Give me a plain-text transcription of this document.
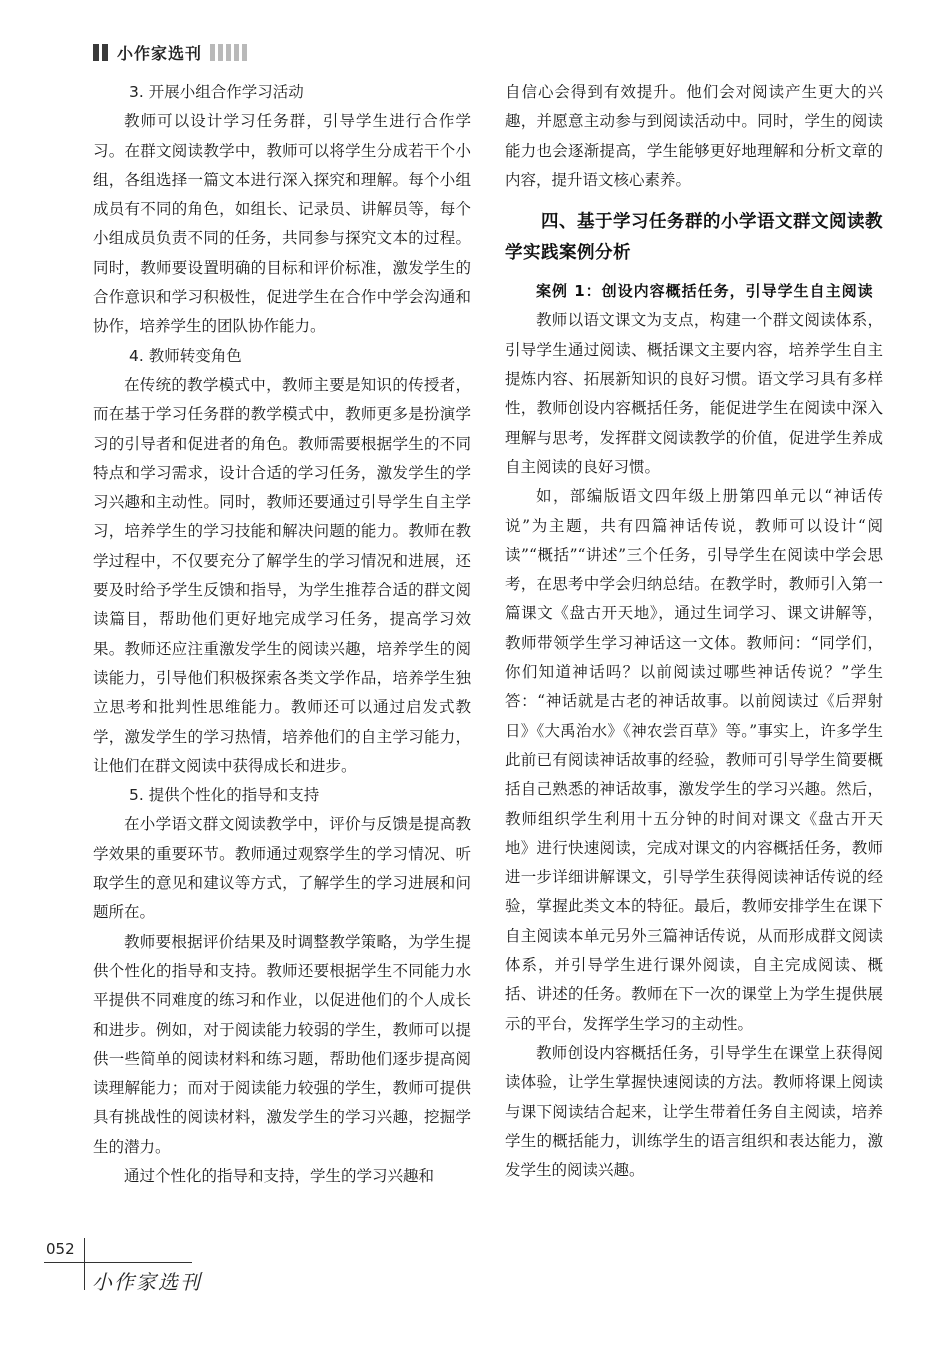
小作家选刊

3. 开展小组合作学习活动

教师可以设计学习任务群，引导学生进行合作学习。在群文阅读教学中，教师可以将学生分成若干个小组，各组选择一篇文本进行深入探究和理解。每个小组成员有不同的角色，如组长、记录员、讲解员等，每个小组成员负责不同的任务，共同参与探究文本的过程。同时，教师要设置明确的目标和评价标准，激发学生的合作意识和学习积极性，促进学生在合作中学会沟通和协作，培养学生的团队协作能力。

4. 教师转变角色

在传统的教学模式中，教师主要是知识的传授者，而在基于学习任务群的教学模式中，教师更多是扮演学习的引导者和促进者的角色。教师需要根据学生的不同特点和学习需求，设计合适的学习任务，激发学生的学习兴趣和主动性。同时，教师还要通过引导学生自主学习，培养学生的学习技能和解决问题的能力。教师在教学过程中，不仅要充分了解学生的学习情况和进展，还要及时给予学生反馈和指导，为学生推荐合适的群文阅读篇目，帮助他们更好地完成学习任务，提高学习效果。教师还应注重激发学生的阅读兴趣，培养学生的阅读能力，引导他们积极探索各类文学作品，培养学生独立思考和批判性思维能力。教师还可以通过启发式教学，激发学生的学习热情，培养他们的自主学习能力，让他们在群文阅读中获得成长和进步。

5. 提供个性化的指导和支持

在小学语文群文阅读教学中，评价与反馈是提高教学效果的重要环节。教师通过观察学生的学习情况、听取学生的意见和建议等方式，了解学生的学习进展和问题所在。

教师要根据评价结果及时调整教学策略，为学生提供个性化的指导和支持。教师还要根据学生不同能力水平提供不同难度的练习和作业，以促进他们的个人成长和进步。例如，对于阅读能力较弱的学生，教师可以提供一些简单的阅读材料和练习题，帮助他们逐步提高阅读理解能力；而对于阅读能力较强的学生，教师可提供具有挑战性的阅读材料，激发学生的学习兴趣，挖掘学生的潜力。

通过个性化的指导和支持，学生的学习兴趣和

自信心会得到有效提升。他们会对阅读产生更大的兴趣，并愿意主动参与到阅读活动中。同时，学生的阅读能力也会逐渐提高，学生能够更好地理解和分析文章的内容，提升语文核心素养。

四、基于学习任务群的小学语文群文阅读教学实践案例分析

案例 1：创设内容概括任务，引导学生自主阅读

教师以语文课文为支点，构建一个群文阅读体系，引导学生通过阅读、概括课文主要内容，培养学生自主提炼内容、拓展新知识的良好习惯。语文学习具有多样性，教师创设内容概括任务，能促进学生在阅读中深入理解与思考，发挥群文阅读教学的价值，促进学生养成自主阅读的良好习惯。

如，部编版语文四年级上册第四单元以“神话传说”为主题，共有四篇神话传说，教师可以设计“阅读”“概括”“讲述”三个任务，引导学生在阅读中学会思考，在思考中学会归纳总结。在教学时，教师引入第一篇课文《盘古开天地》，通过生词学习、课文讲解等，教师带领学生学习神话这一文体。教师问：“同学们，你们知道神话吗？以前阅读过哪些神话传说？”学生答：“神话就是古老的神话故事。以前阅读过《后羿射日》《大禹治水》《神农尝百草》等。”事实上，许多学生此前已有阅读神话故事的经验，教师可引导学生简要概括自己熟悉的神话故事，激发学生的学习兴趣。然后，教师组织学生利用十五分钟的时间对课文《盘古开天地》进行快速阅读，完成对课文的内容概括任务，教师进一步详细讲解课文，引导学生获得阅读神话传说的经验，掌握此类文本的特征。最后，教师安排学生在课下自主阅读本单元另外三篇神话传说，从而形成群文阅读体系，并引导学生进行课外阅读，自主完成阅读、概括、讲述的任务。教师在下一次的课堂上为学生提供展示的平台，发挥学生学习的主动性。

教师创设内容概括任务，引导学生在课堂上获得阅读体验，让学生掌握快速阅读的方法。教师将课上阅读与课下阅读结合起来，让学生带着任务自主阅读，培养学生的概括能力，训练学生的语言组织和表达能力，激发学生的阅读兴趣。

052
小作家选刊
